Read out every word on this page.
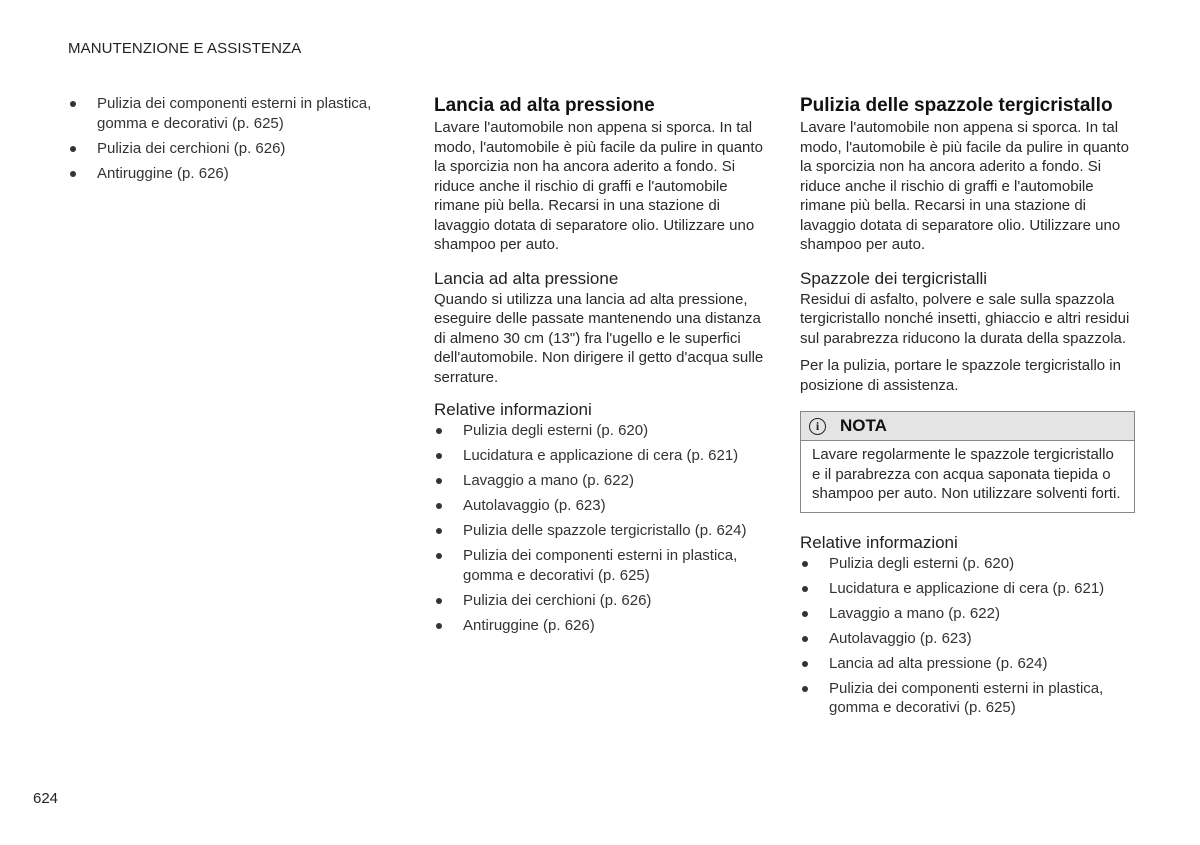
MANUTENZIONE E ASSISTENZA
Pulizia dei componenti esterni in plastica, gomma e decorativi (p. 625)
Pulizia dei cerchioni (p. 626)
Antiruggine (p. 626)
Lancia ad alta pressione

Lavare l'automobile non appena si sporca. In tal modo, l'automobile è più facile da pulire in quanto la sporcizia non ha ancora aderito a fondo. Si riduce anche il rischio di graffi e l'automobile rimane più bella. Recarsi in una stazione di lavaggio dotata di separatore olio. Utilizzare uno shampoo per auto.

Lancia ad alta pressione

Quando si utilizza una lancia ad alta pressione, eseguire delle passate mantenendo una distanza di almeno 30 cm (13") fra l'ugello e le superfici dell'automobile. Non dirigere il getto d'acqua sulle serrature.

Relative informazioni
Pulizia degli esterni (p. 620)
Lucidatura e applicazione di cera (p. 621)
Lavaggio a mano (p. 622)
Autolavaggio (p. 623)
Pulizia delle spazzole tergicristallo (p. 624)
Pulizia dei componenti esterni in plastica, gomma e decorativi (p. 625)
Pulizia dei cerchioni (p. 626)
Antiruggine (p. 626)
Pulizia delle spazzole tergicristallo

Lavare l'automobile non appena si sporca. In tal modo, l'automobile è più facile da pulire in quanto la sporcizia non ha ancora aderito a fondo. Si riduce anche il rischio di graffi e l'automobile rimane più bella. Recarsi in una stazione di lavaggio dotata di separatore olio. Utilizzare uno shampoo per auto.

Spazzole dei tergicristalli

Residui di asfalto, polvere e sale sulla spazzola tergicristallo nonché insetti, ghiaccio e altri residui sul parabrezza riducono la durata della spazzola.

Per la pulizia, portare le spazzole tergicristallo in posizione di assistenza.

i	NOTA
Lavare regolarmente le spazzole tergicristallo e il parabrezza con acqua saponata tiepida o shampoo per auto. Non utilizzare solventi forti.
Relative informazioni
Pulizia degli esterni (p. 620)
Lucidatura e applicazione di cera (p. 621)
Lavaggio a mano (p. 622)
Autolavaggio (p. 623)
Lancia ad alta pressione (p. 624)
Pulizia dei componenti esterni in plastica, gomma e decorativi (p. 625)
624
